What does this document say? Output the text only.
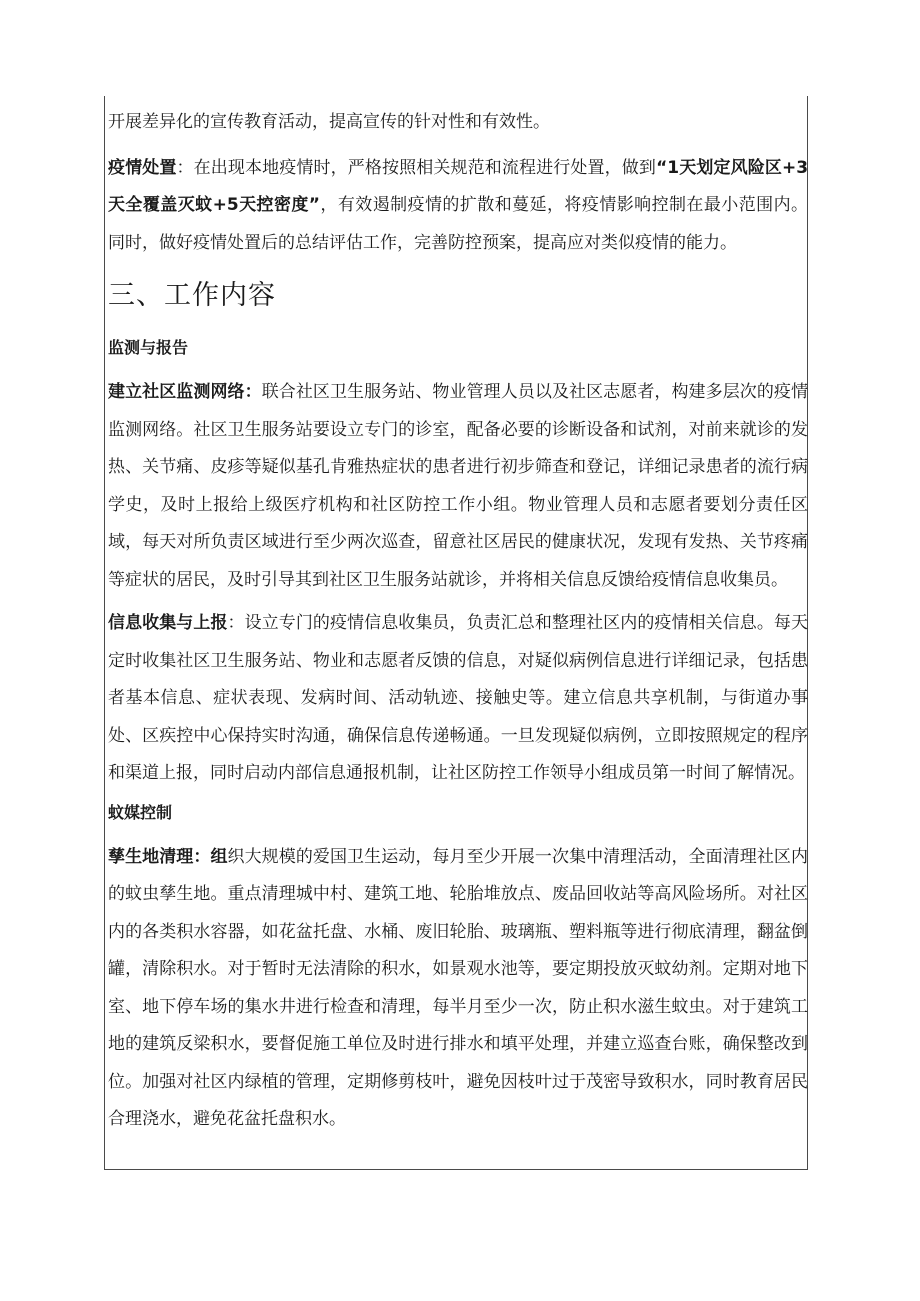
开展差异化的宣传教育活动，提高宣传的针对性和有效性。

疫情处置：在出现本地疫情时，严格按照相关规范和流程进行处置，做到“1天划定风险区+3天全覆盖灭蚊+5天控密度”，有效遏制疫情的扩散和蔓延，将疫情影响控制在最小范围内。同时，做好疫情处置后的总结评估工作，完善防控预案，提高应对类似疫情的能力。

三、工作内容
监测与报告

建立社区监测网络：联合社区卫生服务站、物业管理人员以及社区志愿者，构建多层次的疫情监测网络。社区卫生服务站要设立专门的诊室，配备必要的诊断设备和试剂，对前来就诊的发热、关节痛、皮疹等疑似基孔肯雅热症状的患者进行初步筛查和登记，详细记录患者的流行病学史，及时上报给上级医疗机构和社区防控工作小组。物业管理人员和志愿者要划分责任区域，每天对所负责区域进行至少两次巡查，留意社区居民的健康状况，发现有发热、关节疼痛等症状的居民，及时引导其到社区卫生服务站就诊，并将相关信息反馈给疫情信息收集员。

信息收集与上报：设立专门的疫情信息收集员，负责汇总和整理社区内的疫情相关信息。每天定时收集社区卫生服务站、物业和志愿者反馈的信息，对疑似病例信息进行详细记录，包括患者基本信息、症状表现、发病时间、活动轨迹、接触史等。建立信息共享机制，与街道办事处、区疾控中心保持实时沟通，确保信息传递畅通。一旦发现疑似病例，立即按照规定的程序和渠道上报，同时启动内部信息通报机制，让社区防控工作领导小组成员第一时间了解情况。

蚊媒控制

孳生地清理：组织大规模的爱国卫生运动，每月至少开展一次集中清理活动，全面清理社区内的蚊虫孳生地。重点清理城中村、建筑工地、轮胎堆放点、废品回收站等高风险场所。对社区内的各类积水容器，如花盆托盘、水桶、废旧轮胎、玻璃瓶、塑料瓶等进行彻底清理，翻盆倒罐，清除积水。对于暂时无法清除的积水，如景观水池等，要定期投放灭蚊幼剂。定期对地下室、地下停车场的集水井进行检查和清理，每半月至少一次，防止积水滋生蚊虫。对于建筑工地的建筑反梁积水，要督促施工单位及时进行排水和填平处理，并建立巡查台账，确保整改到位。加强对社区内绿植的管理，定期修剪枝叶，避免因枝叶过于茂密导致积水，同时教育居民合理浇水，避免花盆托盘积水。
